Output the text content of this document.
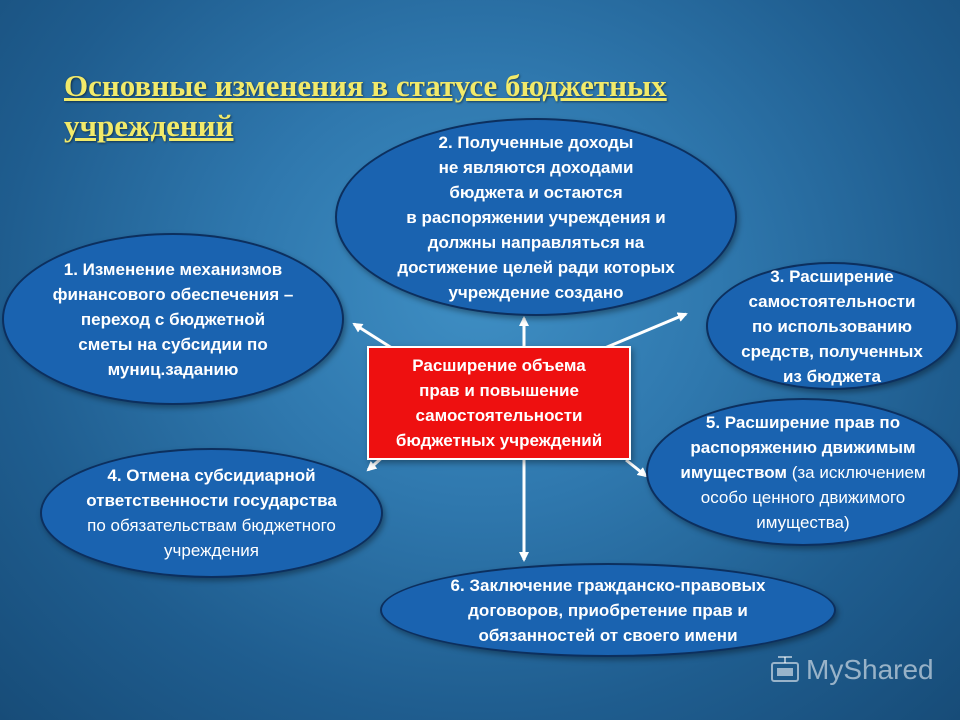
Основные изменения в статусе бюджетных
учреждений
1. Изменение механизмов
финансового обеспечения –
переход с бюджетной
сметы на субсидии по
муниц.заданию
2. Полученные доходы
не являются доходами
бюджета и остаются
в распоряжении учреждения и
должны направляться на
достижение целей ради которых
учреждение создано
3. Расширение
самостоятельности
по использованию
средств, полученных
из бюджета
4. Отмена субсидиарной
ответственности государства
по обязательствам бюджетного
учреждения
5. Расширение прав по
распоряжению движимым
имуществом (за исключением
особо ценного движимого
имущества)
6. Заключение гражданско-правовых
договоров, приобретение прав и
обязанностей от своего имени
Расширение объема
прав и повышение
самостоятельности
бюджетных учреждений
MyShared
